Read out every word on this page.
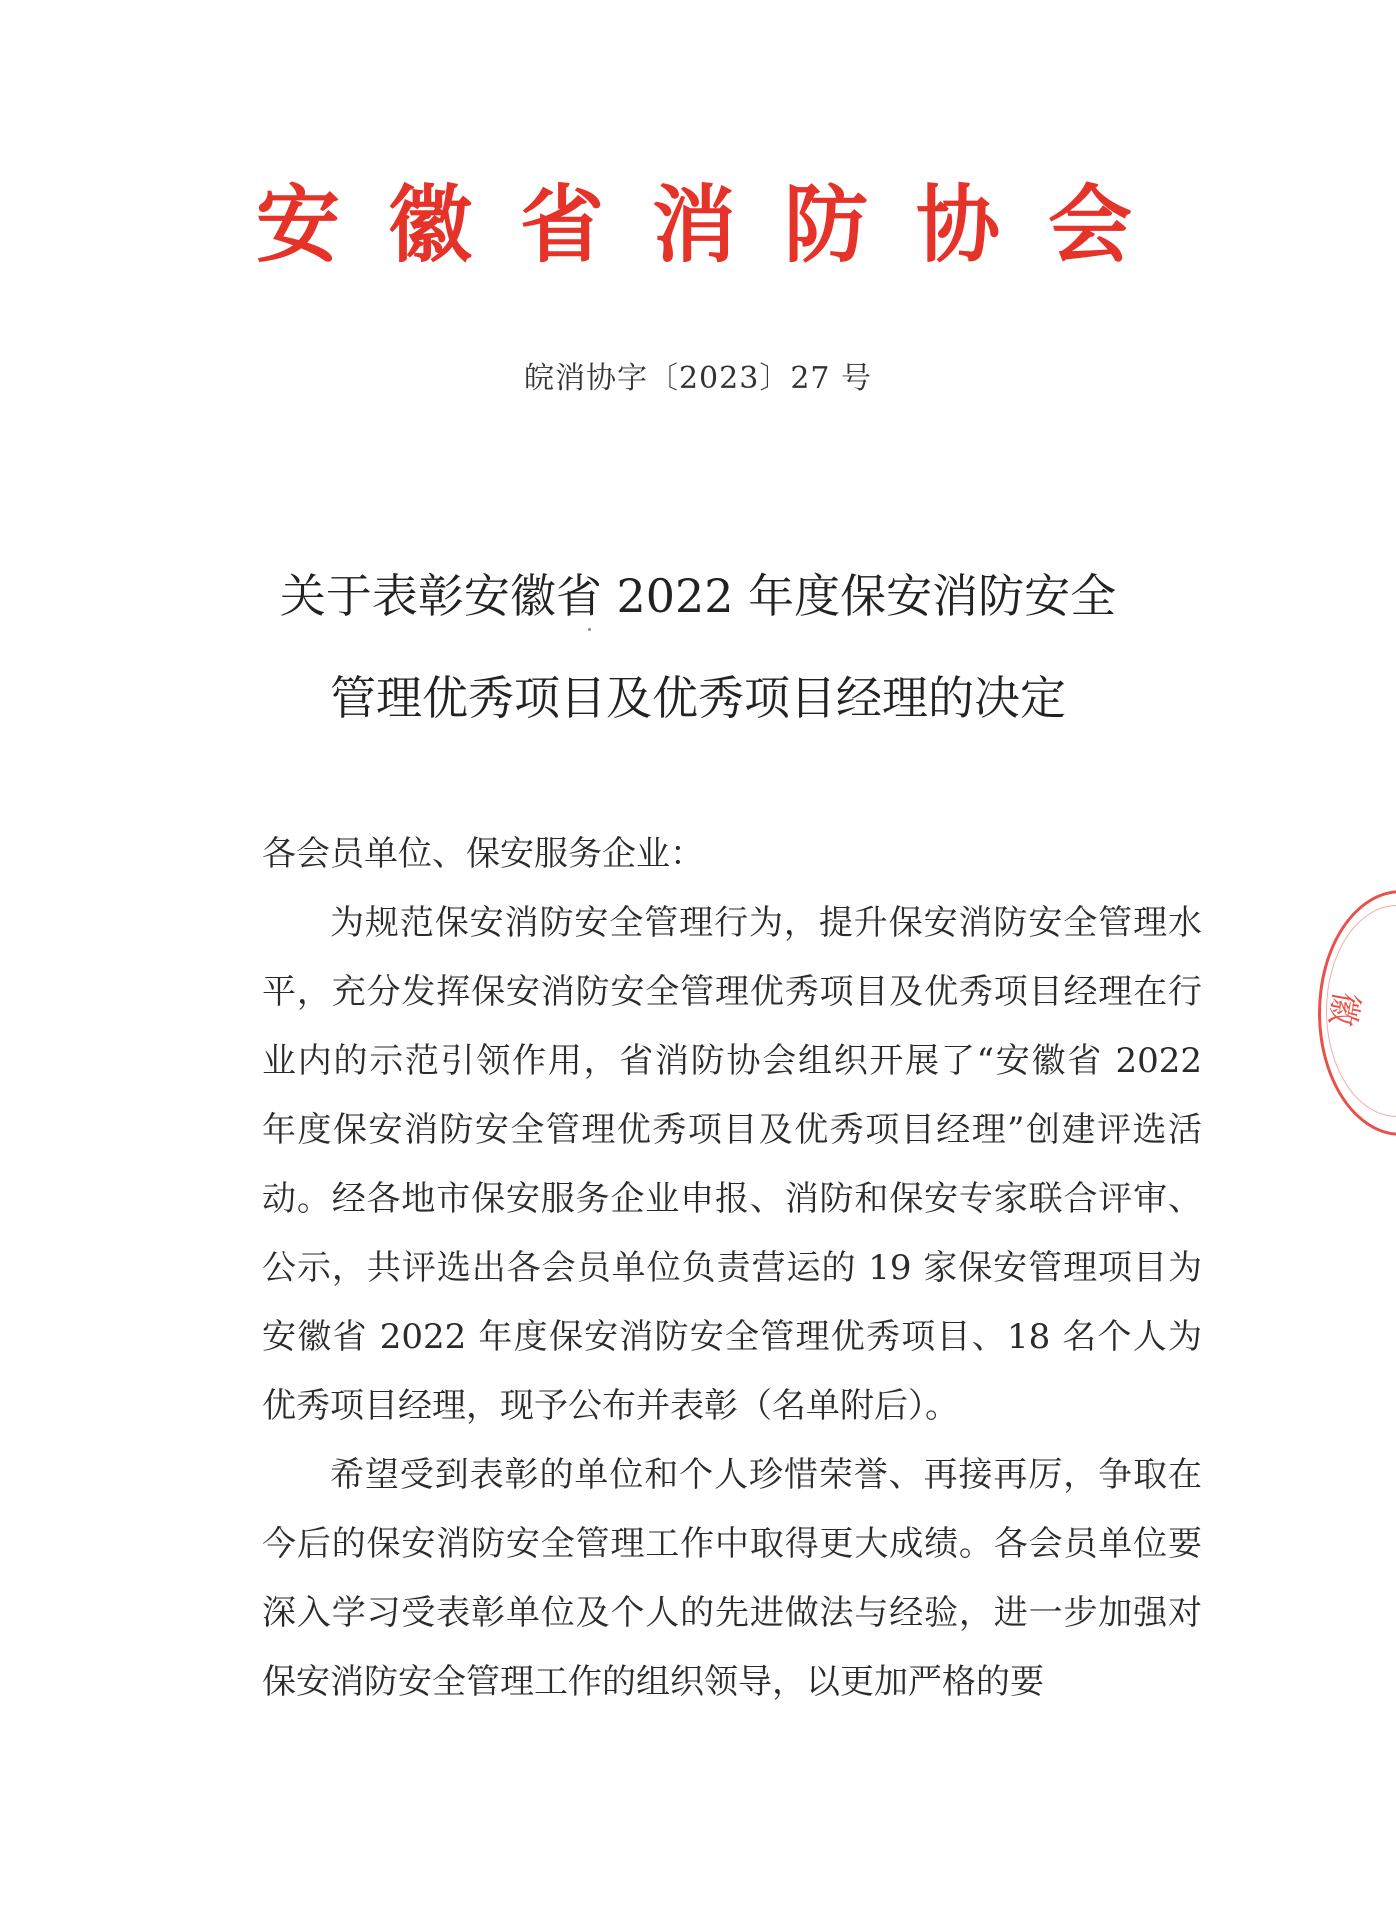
安徽省消防协会
皖消协字〔2023〕27 号
关于表彰安徽省 2022 年度保安消防安全
管理优秀项目及优秀项目经理的决定

各会员单位、保安服务企业：

为规范保安消防安全管理行为，提升保安消防安全管理水平，充分发挥保安消防安全管理优秀项目及优秀项目经理在行业内的示范引领作用，省消防协会组织开展了“安徽省 2022 年度保安消防安全管理优秀项目及优秀项目经理”创建评选活动。经各地市保安服务企业申报、消防和保安专家联合评审、公示，共评选出各会员单位负责营运的 19 家保安管理项目为安徽省 2022 年度保安消防安全管理优秀项目、18 名个人为优秀项目经理，现予公布并表彰（名单附后）。

希望受到表彰的单位和个人珍惜荣誉、再接再厉，争取在今后的保安消防安全管理工作中取得更大成绩。各会员单位要深入学习受表彰单位及个人的先进做法与经验，进一步加强对保安消防安全管理工作的组织领导，以更加严格的要

徽
